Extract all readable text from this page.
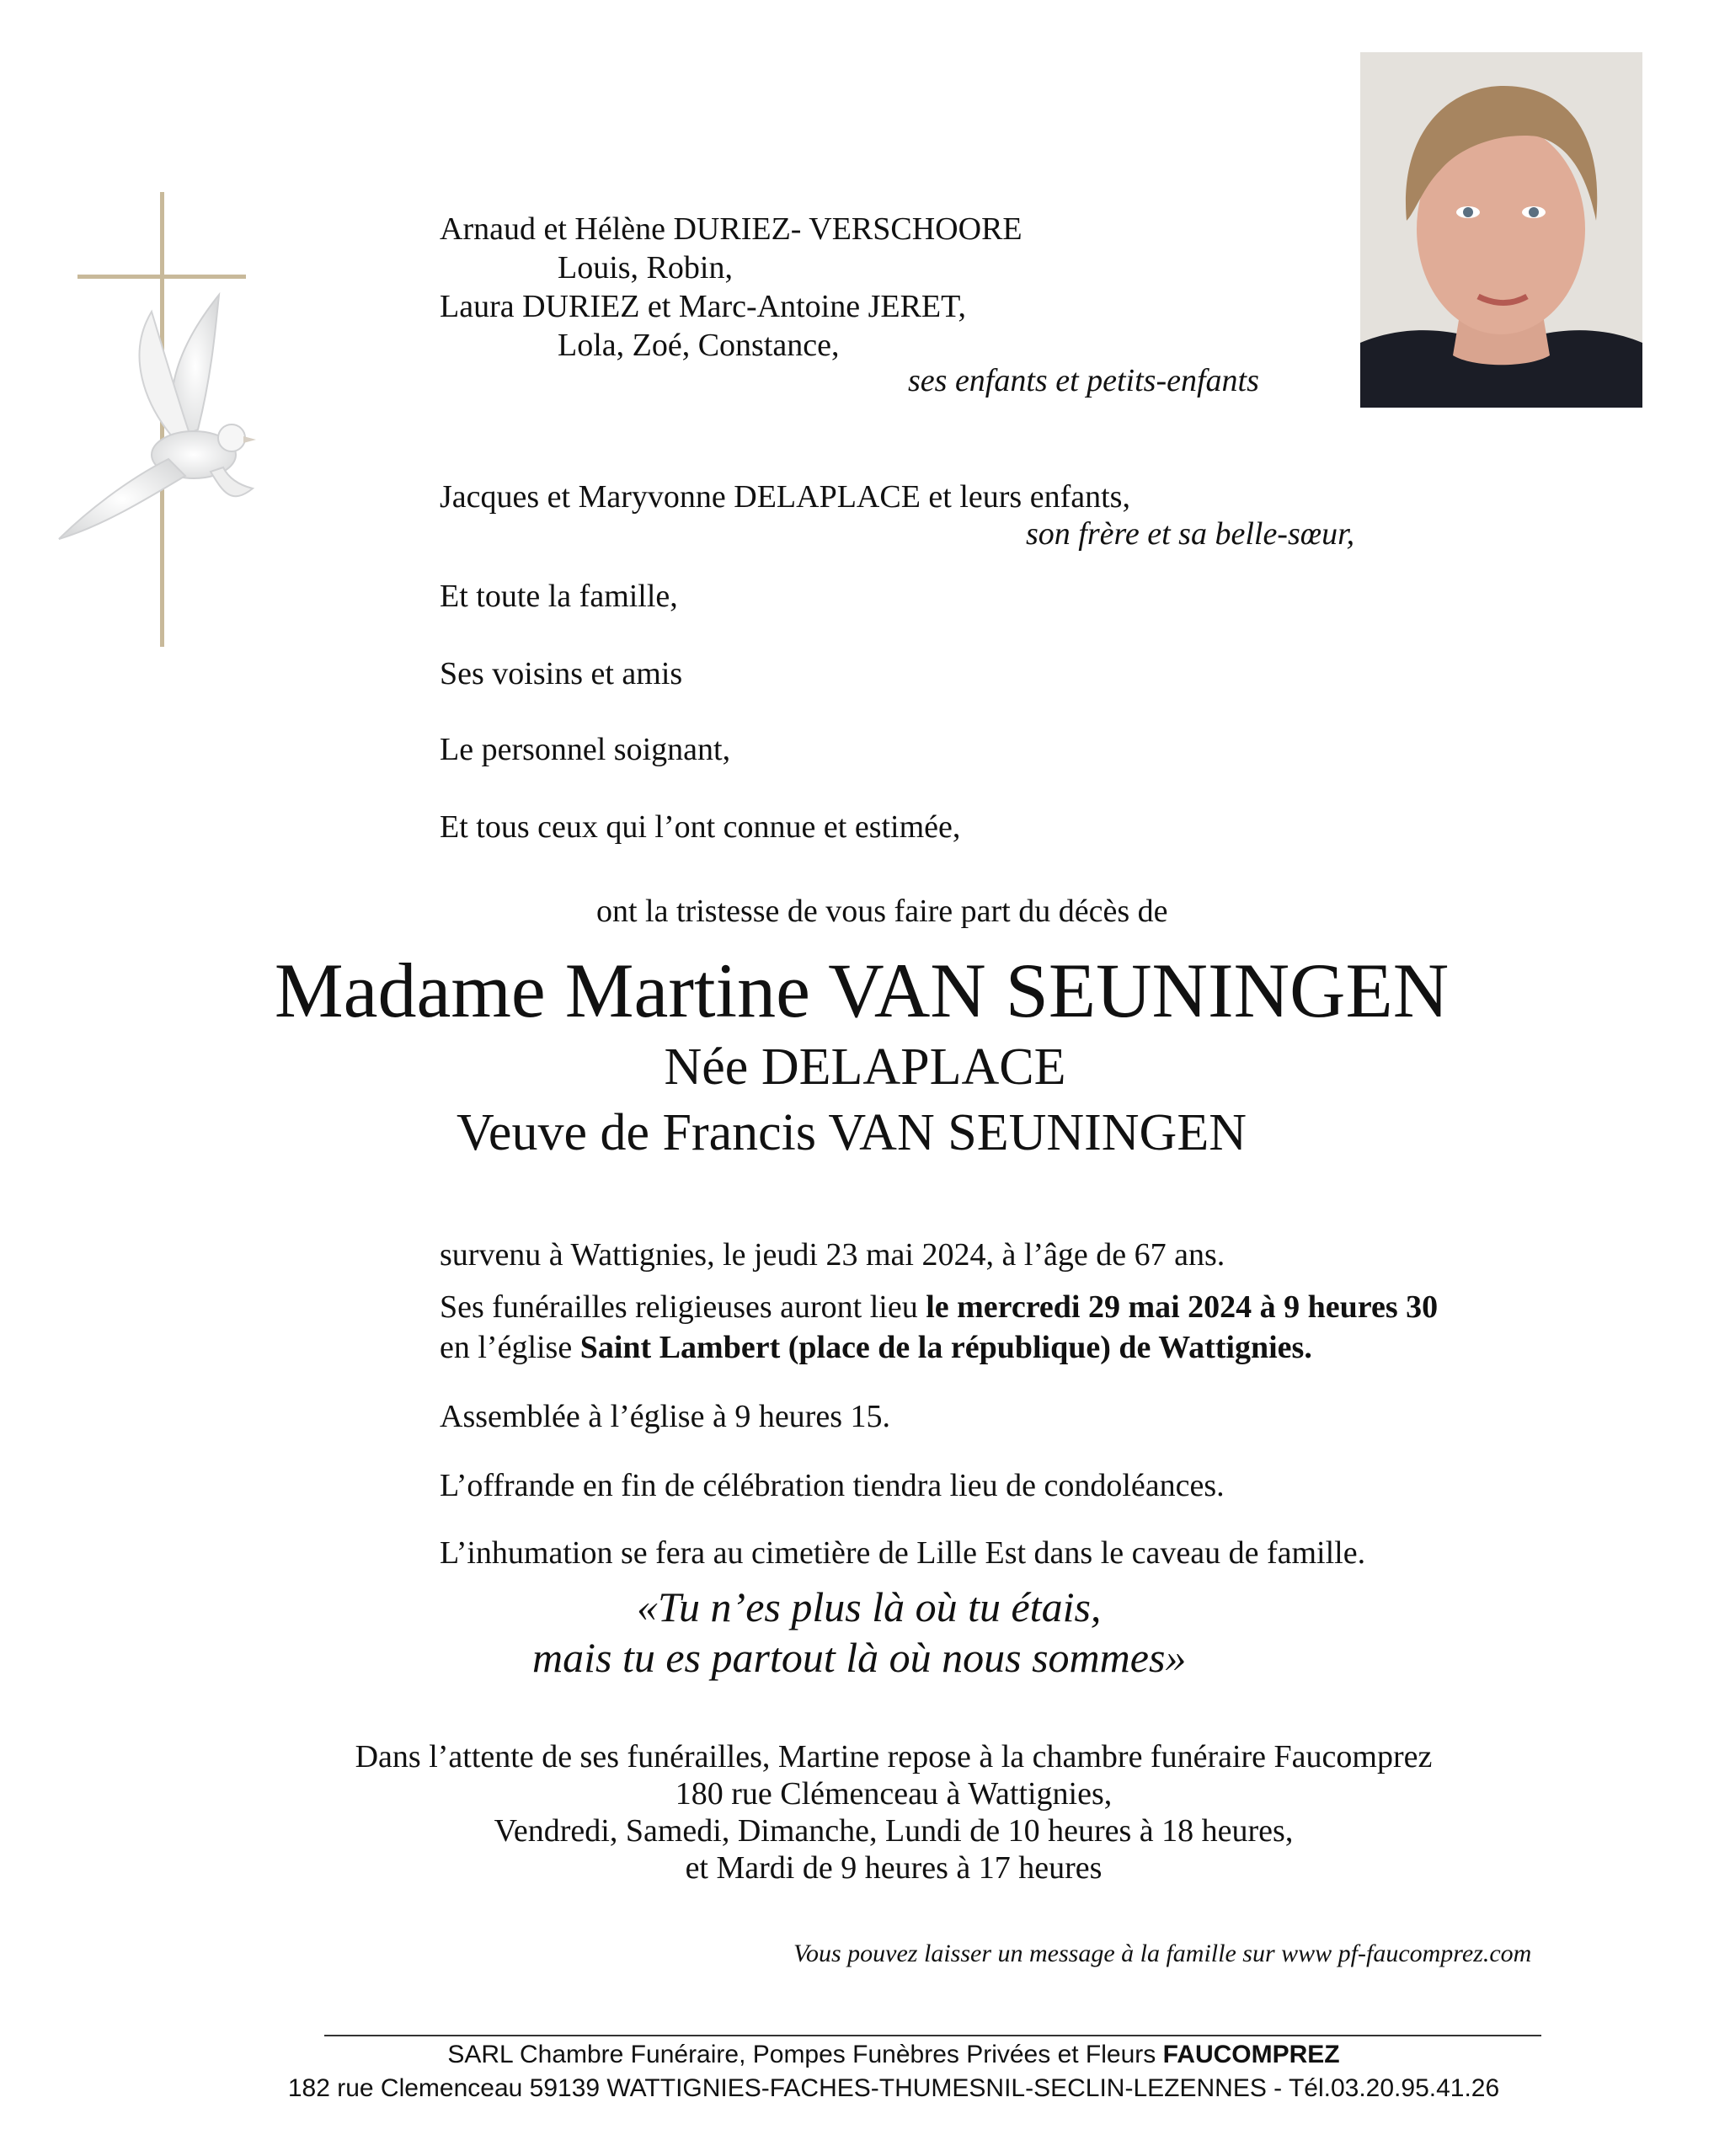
Arnaud et Hélène DURIEZ- VERSCHOORE
Louis, Robin,
Laura DURIEZ et Marc-Antoine JERET,
Lola, Zoé, Constance,
ses enfants et petits-enfants
Jacques et Maryvonne DELAPLACE et leurs enfants,
son frère et sa belle-sœur,
Et toute la famille,
Ses voisins et amis
Le personnel soignant,
Et tous ceux qui l’ont connue et estimée,
ont la tristesse de vous faire part du décès de
Madame Martine VAN SEUNINGEN
Née DELAPLACE
Veuve de Francis VAN SEUNINGEN
survenu à Wattignies, le jeudi 23 mai 2024, à l’âge de 67 ans.
Ses funérailles religieuses auront lieu le mercredi 29 mai 2024 à 9 heures 30
en l’église Saint Lambert (place de la république) de Wattignies.
Assemblée à l’église à 9 heures 15.
L’offrande en fin de célébration tiendra lieu de condoléances.
L’inhumation se fera au cimetière de Lille Est dans le caveau de famille.
«Tu n’es plus là où tu étais,
mais tu es partout là où nous sommes»
Dans l’attente de ses funérailles, Martine repose à la chambre funéraire Faucomprez
180 rue Clémenceau à Wattignies,
Vendredi, Samedi, Dimanche, Lundi de 10 heures à 18 heures,
et Mardi de 9 heures à 17 heures
Vous pouvez laisser un message à la famille sur www pf-faucomprez.com
SARL Chambre Funéraire, Pompes Funèbres Privées et Fleurs FAUCOMPREZ
182 rue Clemenceau 59139 WATTIGNIES-FACHES-THUMESNIL-SECLIN-LEZENNES - Tél.03.20.95.41.26
